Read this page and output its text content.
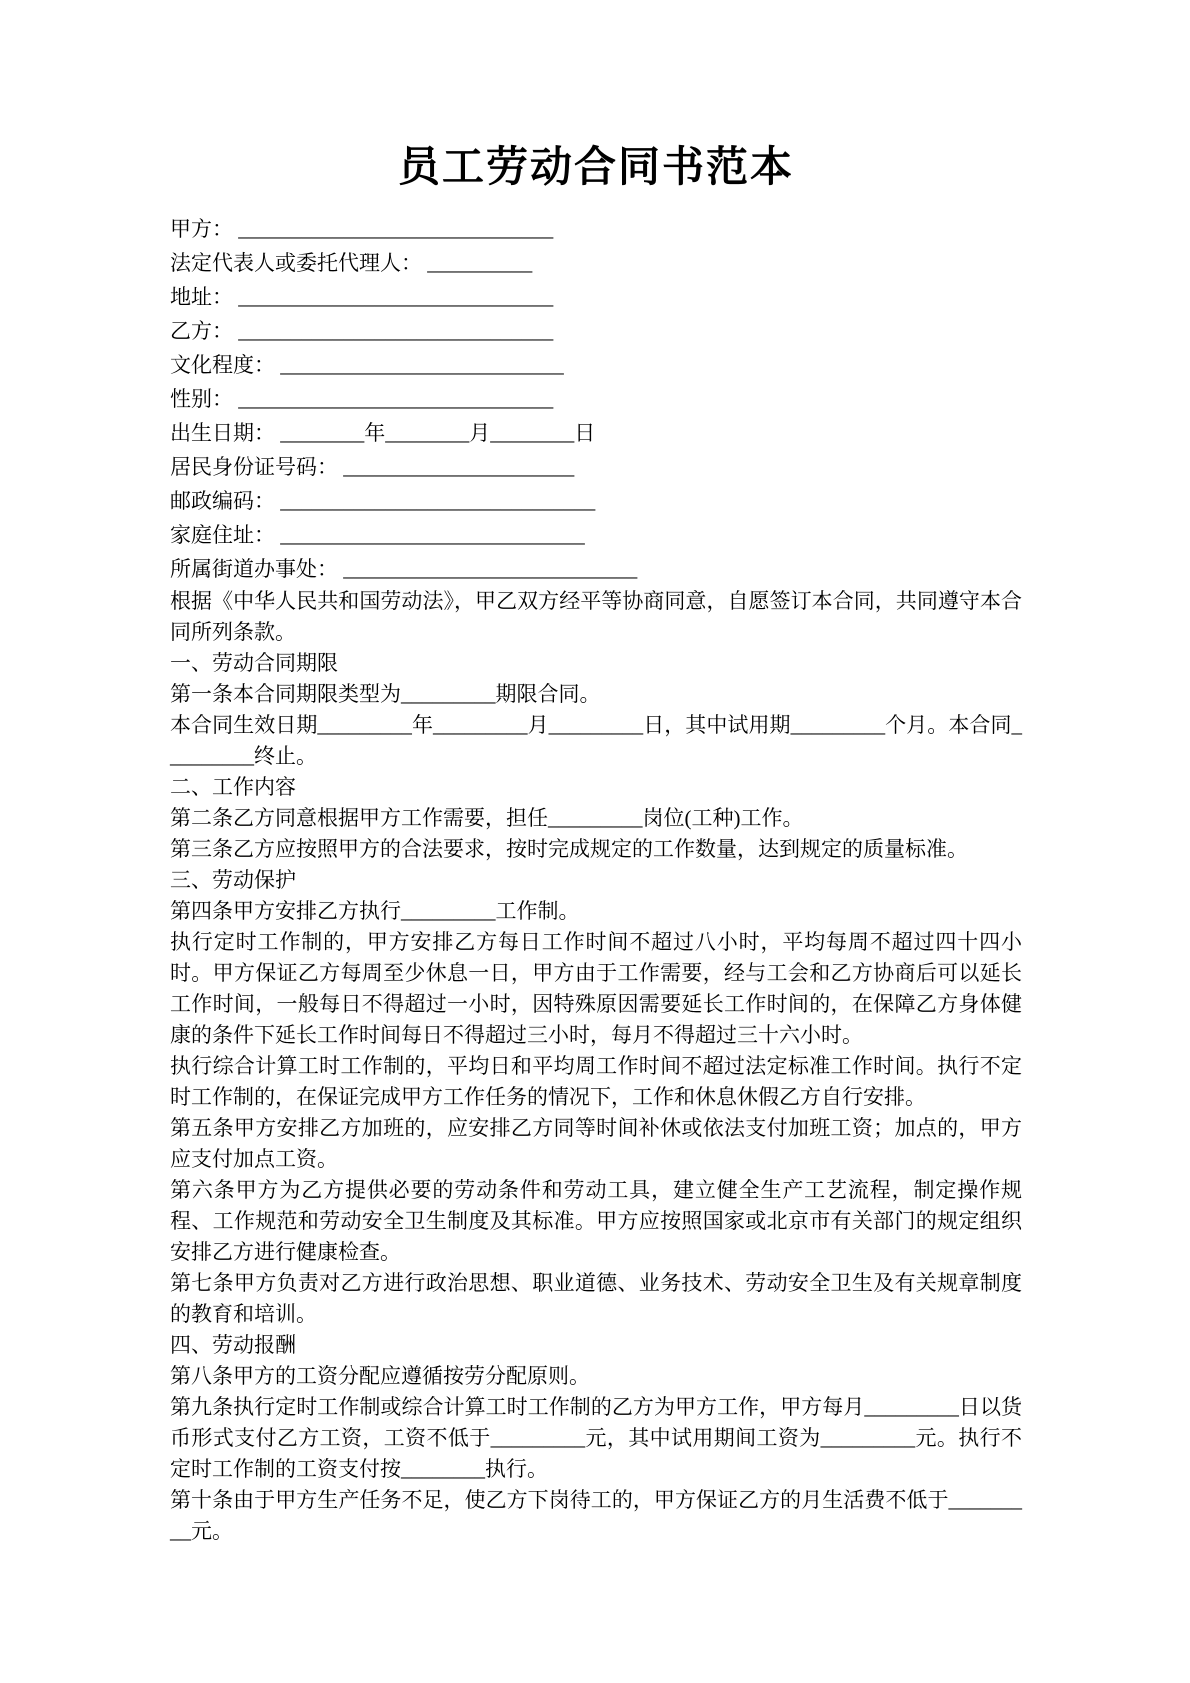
员工劳动合同书范本

甲方： ______________________________

法定代表人或委托代理人： __________

地址： ______________________________

乙方： ______________________________

文化程度： ___________________________

性别： ______________________________

出生日期： ________年________月________日

居民身份证号码： ______________________

邮政编码： ______________________________

家庭住址： _____________________________

所属街道办事处： ____________________________

根据《中华人民共和国劳动法》，甲乙双方经平等协商同意，自愿签订本合同，共同遵守本合同所列条款。

一、劳动合同期限

第一条本合同期限类型为_________期限合同。

本合同生效日期_________年_________月_________日，其中试用期_________个月。本合同_________终止。

二、工作内容

第二条乙方同意根据甲方工作需要，担任_________岗位(工种)工作。

第三条乙方应按照甲方的合法要求，按时完成规定的工作数量，达到规定的质量标准。

三、劳动保护

第四条甲方安排乙方执行_________工作制。

执行定时工作制的，甲方安排乙方每日工作时间不超过八小时，平均每周不超过四十四小时。甲方保证乙方每周至少休息一日，甲方由于工作需要，经与工会和乙方协商后可以延长工作时间，一般每日不得超过一小时，因特殊原因需要延长工作时间的，在保障乙方身体健康的条件下延长工作时间每日不得超过三小时，每月不得超过三十六小时。

执行综合计算工时工作制的，平均日和平均周工作时间不超过法定标准工作时间。执行不定时工作制的，在保证完成甲方工作任务的情况下，工作和休息休假乙方自行安排。

第五条甲方安排乙方加班的，应安排乙方同等时间补休或依法支付加班工资；加点的，甲方应支付加点工资。

第六条甲方为乙方提供必要的劳动条件和劳动工具，建立健全生产工艺流程，制定操作规程、工作规范和劳动安全卫生制度及其标准。甲方应按照国家或北京市有关部门的规定组织安排乙方进行健康检查。

第七条甲方负责对乙方进行政治思想、职业道德、业务技术、劳动安全卫生及有关规章制度的教育和培训。

四、劳动报酬

第八条甲方的工资分配应遵循按劳分配原则。

第九条执行定时工作制或综合计算工时工作制的乙方为甲方工作，甲方每月_________日以货币形式支付乙方工资，工资不低于_________元，其中试用期间工资为_________元。执行不定时工作制的工资支付按________执行。

第十条由于甲方生产任务不足，使乙方下岗待工的，甲方保证乙方的月生活费不低于_________元。
